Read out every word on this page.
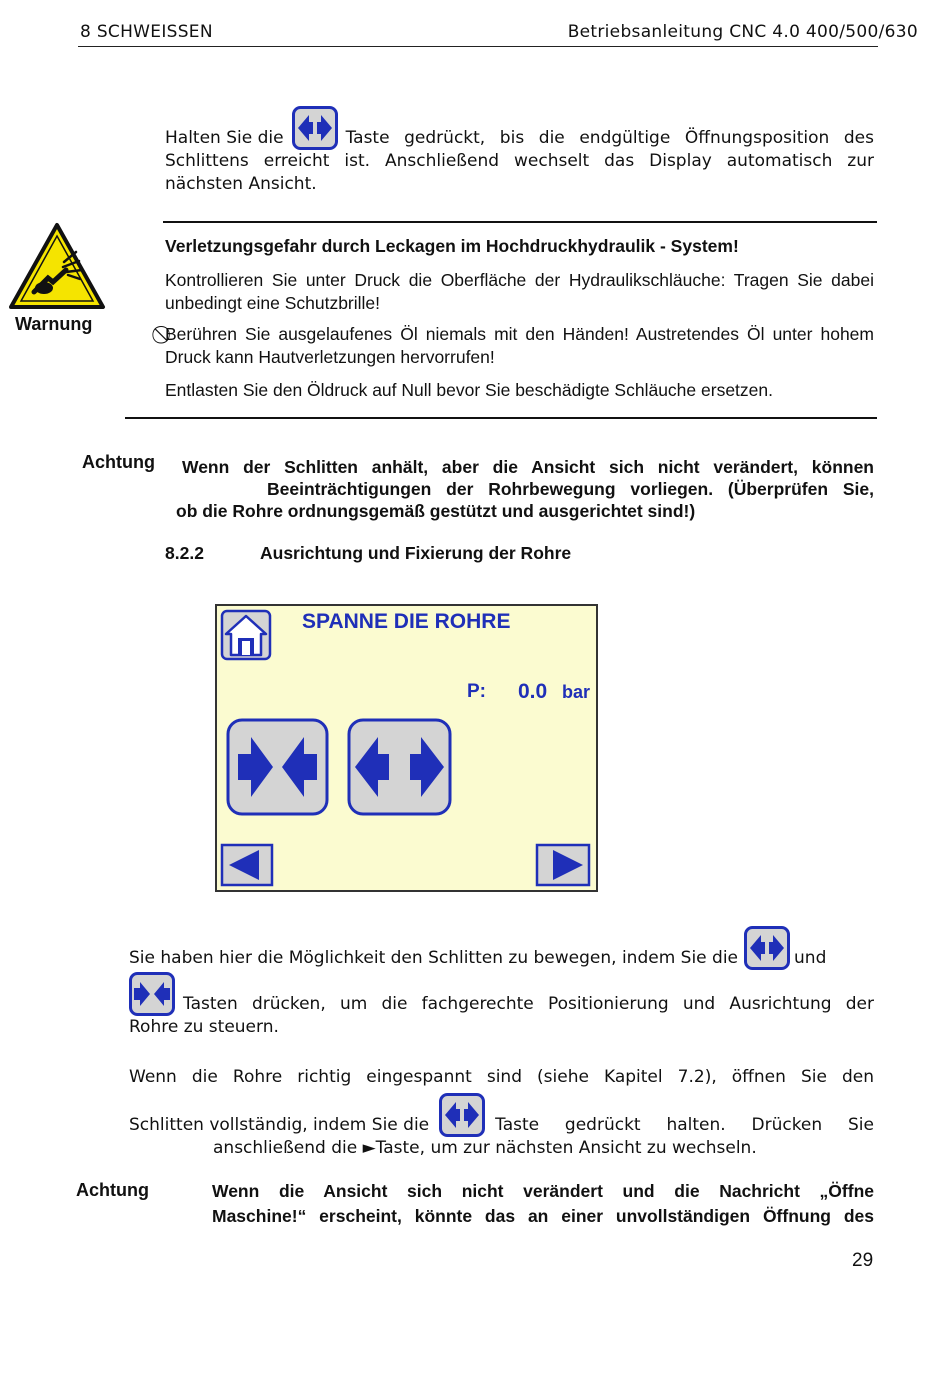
8 SCHWEISSEN	Betriebsanleitung CNC 4.0 400/500/630
Halten Sie die	Taste gedrückt, bis die endgültige Öffnungsposition des
Schlittens erreicht ist. Anschließend wechselt das Display automatisch zur
nächsten Ansicht.
Warnung
Verletzungsgefahr durch Leckagen im Hochdruckhydraulik - System!
Kontrollieren Sie unter Druck die Oberfläche der Hydraulikschläuche: Tragen Sie dabei unbedingt eine Schutzbrille!
Berühren Sie ausgelaufenes Öl niemals mit den Händen! Austretendes Öl unter hohem Druck kann Hautverletzungen hervorrufen!
Entlasten Sie den Öldruck auf Null bevor Sie beschädigte Schläuche ersetzen.
Achtung Wenn der Schlitten anhält, aber die Ansicht sich nicht verändert, können
Beeinträchtigungen der Rohrbewegung vorliegen. (Überprüfen Sie,
ob die Rohre ordnungsgemäß gestützt und ausgerichtet sind!)
8.2.2	Ausrichtung und Fixierung der Rohre
SPANNE DIE ROHRE
P: 0.0 bar
Sie haben hier die Möglichkeit den Schlitten zu bewegen, indem Sie die	und
Tasten drücken, um die fachgerechte Positionierung und Ausrichtung der
Rohre zu steuern.
Wenn die Rohre richtig eingespannt sind (siehe Kapitel 7.2), öffnen Sie den
Schlitten vollständig, indem Sie die	Taste gedrückt halten. Drücken Sie
anschließend die ►Taste, um zur nächsten Ansicht zu wechseln.
Achtung	Wenn die Ansicht sich nicht verändert und die Nachricht „Öffne
Maschine!“ erscheint, könnte das an einer unvollständigen Öffnung des
29
